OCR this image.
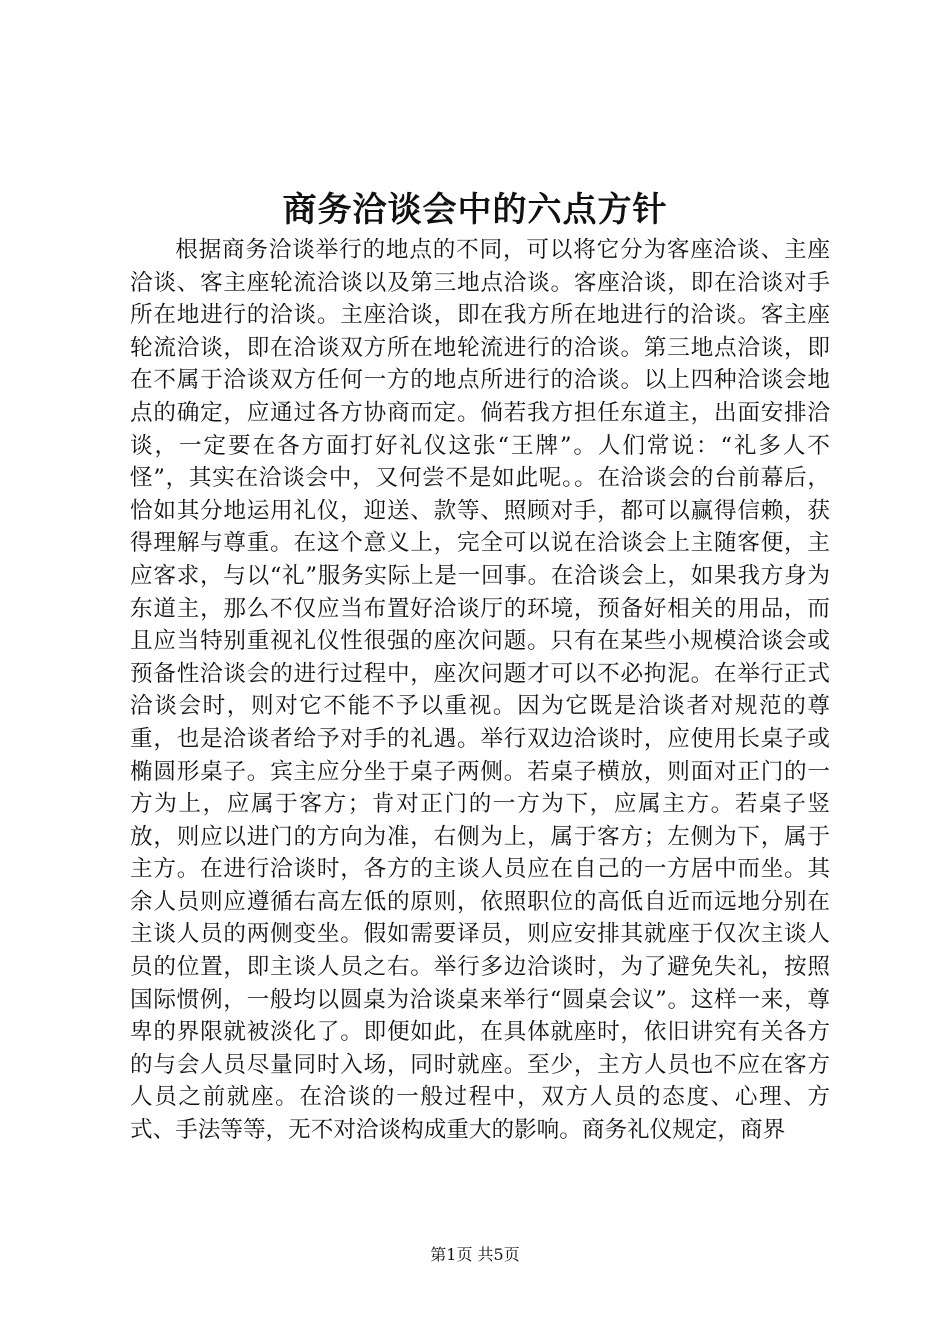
商务洽谈会中的六点方针

根据商务洽谈举行的地点的不同，可以将它分为客座洽谈、主座洽谈、客主座轮流洽谈以及第三地点洽谈。客座洽谈，即在洽谈对手所在地进行的洽谈。主座洽谈，即在我方所在地进行的洽谈。客主座轮流洽谈，即在洽谈双方所在地轮流进行的洽谈。第三地点洽谈，即在不属于洽谈双方任何一方的地点所进行的洽谈。以上四种洽谈会地点的确定，应通过各方协商而定。倘若我方担任东道主，出面安排洽谈，一定要在各方面打好礼仪这张“王牌”。人们常说：“礼多人不怪”，其实在洽谈会中，又何尝不是如此呢。。在洽谈会的台前幕后，恰如其分地运用礼仪，迎送、款等、照顾对手，都可以赢得信赖，获得理解与尊重。在这个意义上，完全可以说在洽谈会上主随客便，主应客求，与以“礼”服务实际上是一回事。在洽谈会上，如果我方身为东道主，那么不仅应当布置好洽谈厅的环境，预备好相关的用品，而且应当特别重视礼仪性很强的座次问题。只有在某些小规模洽谈会或预备性洽谈会的进行过程中，座次问题才可以不必拘泥。在举行正式洽谈会时，则对它不能不予以重视。因为它既是洽谈者对规范的尊重，也是洽谈者给予对手的礼遇。举行双边洽谈时，应使用长桌子或椭圆形桌子。宾主应分坐于桌子两侧。若桌子横放，则面对正门的一方为上，应属于客方；肯对正门的一方为下，应属主方。若桌子竖放，则应以进门的方向为准，右侧为上，属于客方；左侧为下，属于主方。在进行洽谈时，各方的主谈人员应在自己的一方居中而坐。其余人员则应遵循右高左低的原则，依照职位的高低自近而远地分别在主谈人员的两侧变坐。假如需要译员，则应安排其就座于仅次主谈人员的位置，即主谈人员之右。举行多边洽谈时，为了避免失礼，按照国际惯例，一般均以圆桌为洽谈桌来举行“圆桌会议”。这样一来，尊卑的界限就被淡化了。即便如此，在具体就座时，依旧讲究有关各方的与会人员尽量同时入场，同时就座。至少，主方人员也不应在客方人员之前就座。在洽谈的一般过程中，双方人员的态度、心理、方式、手法等等，无不对洽谈构成重大的影响。商务礼仪规定，商界

第1页 共5页
